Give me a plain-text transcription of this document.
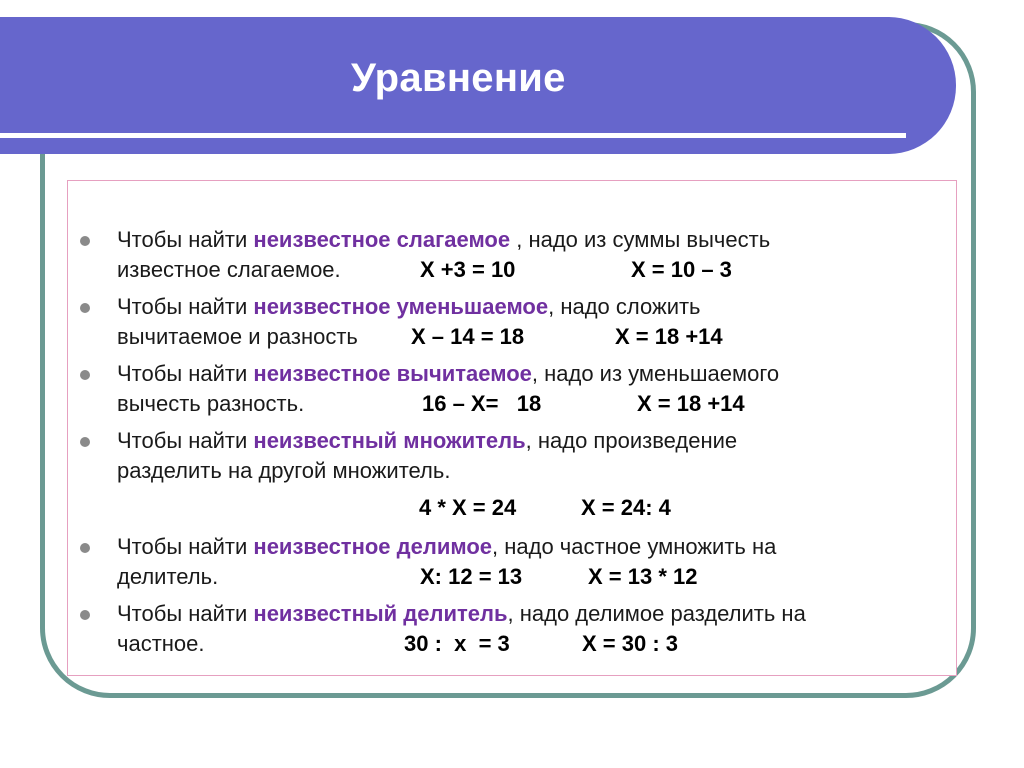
Уравнение
Чтобы найти неизвестное слагаемое , надо из суммы вычесть
известное слагаемое.	Х +3 = 10	Х = 10 – 3
Чтобы найти неизвестное уменьшаемое, надо сложить
вычитаемое и разность Х – 14 = 18	Х = 18 +14
Чтобы найти неизвестное вычитаемое, надо из уменьшаемого
вычесть разность.	16 – Х=   18	Х = 18 +14
Чтобы найти неизвестный множитель, надо произведение
разделить на другой множитель.
4 * Х = 24	Х = 24: 4
Чтобы найти неизвестное делимое, надо частное умножить на
делитель.	Х: 12 = 13	Х = 13 * 12
Чтобы найти неизвестный делитель, надо делимое разделить на
частное.	30 :  х  = 3	Х = 30 : 3
